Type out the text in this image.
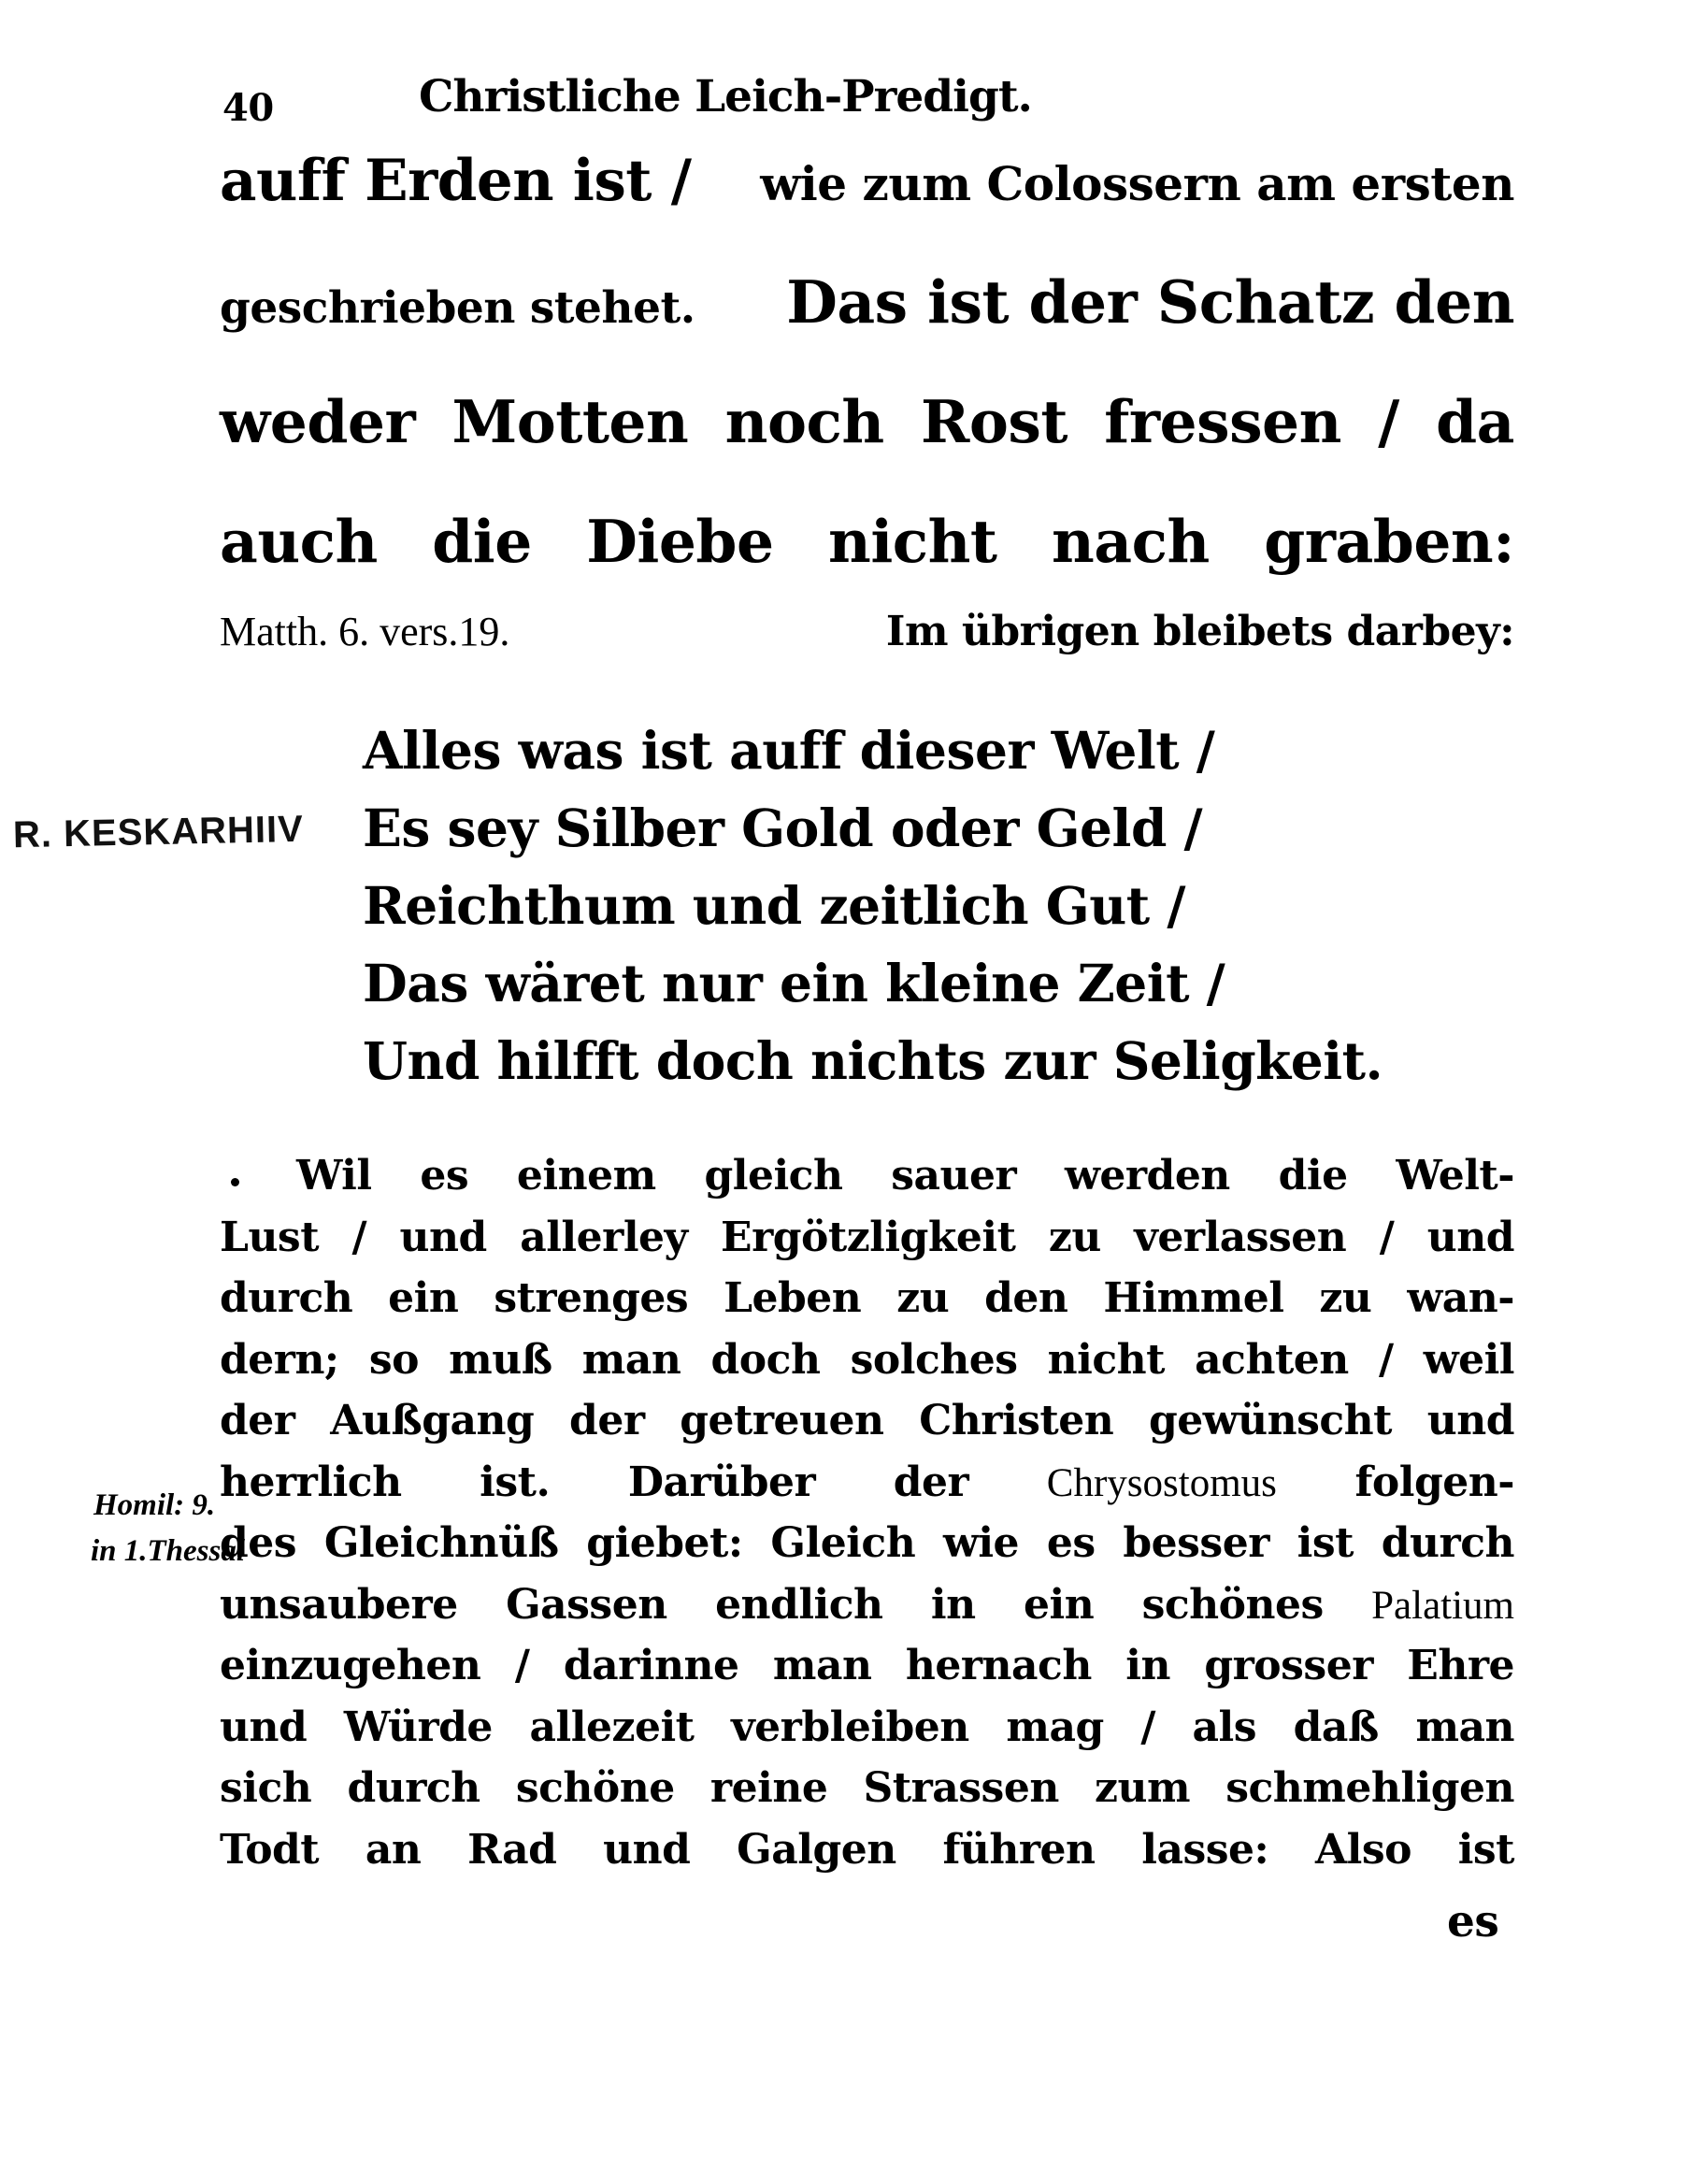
40	Christliche Leich-Predigt.
auff Erden ist / wie zum Colossern am ersten
geschrieben stehet. Das ist der Schatz den
weder Motten noch Rost fressen / da
auch die Diebe nicht nach graben:
Matth. 6. vers.19.	Im übrigen bleibets darbey:
Alles was ist auff dieser Welt /
Es sey Silber Gold oder Geld /
Reichthum und zeitlich Gut /
Das wäret nur ein kleine Zeit /
Und hilfft doch nichts zur Seligkeit.
R. KESKARHIIV
Wil es einem gleich sauer werden die Welt-
Lust / und allerley Ergötzligkeit zu verlassen / und
durch ein strenges Leben zu den Himmel zu wan-
dern; so muß man doch solches nicht achten / weil
der Außgang der getreuen Christen gewünscht und
herrlich ist. Darüber der Chrysostomus folgen-
des Gleichnüß giebet: Gleich wie es besser ist durch
unsaubere Gassen endlich in ein schönes Palatium
einzugehen / darinne man hernach in grosser Ehre
und Würde allezeit verbleiben mag / als daß man
sich durch schöne reine Strassen zum schmehligen
Todt an Rad und Galgen führen lasse: Also ist
Homil: 9.
in 1.Thessal
es
